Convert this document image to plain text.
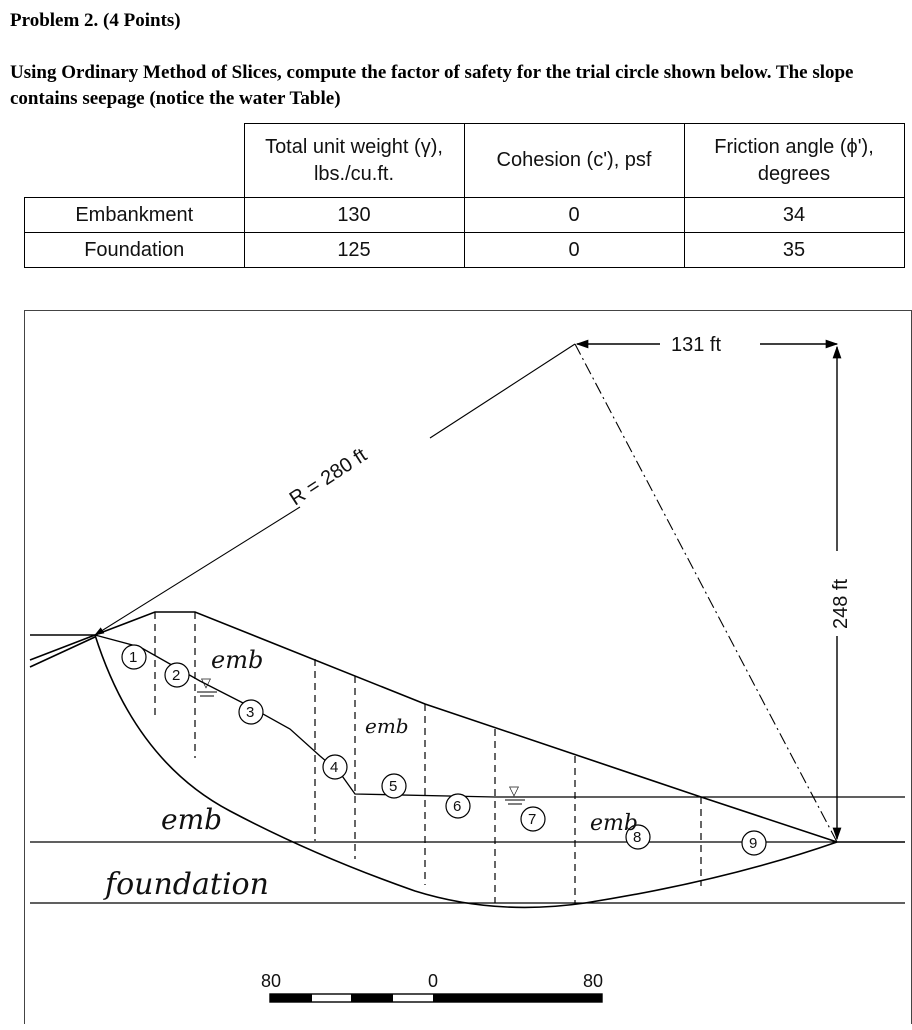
Problem 2. (4 Points)
Using Ordinary Method of Slices, compute the factor of safety for the trial circle shown below. The slope contains seepage (notice the water Table)
	Total unit weight (γ), lbs./cu.ft.	Cohesion (c'), psf	Friction angle (ϕ'), degrees
Embankment	130	0	34
Foundation	125	0	35
R = 280 ft
131 ft
248 ft
▽
▽
1
2
3
4
5
6
7
8	9
emb
emb
emb	emb
foundation
80	0	80
